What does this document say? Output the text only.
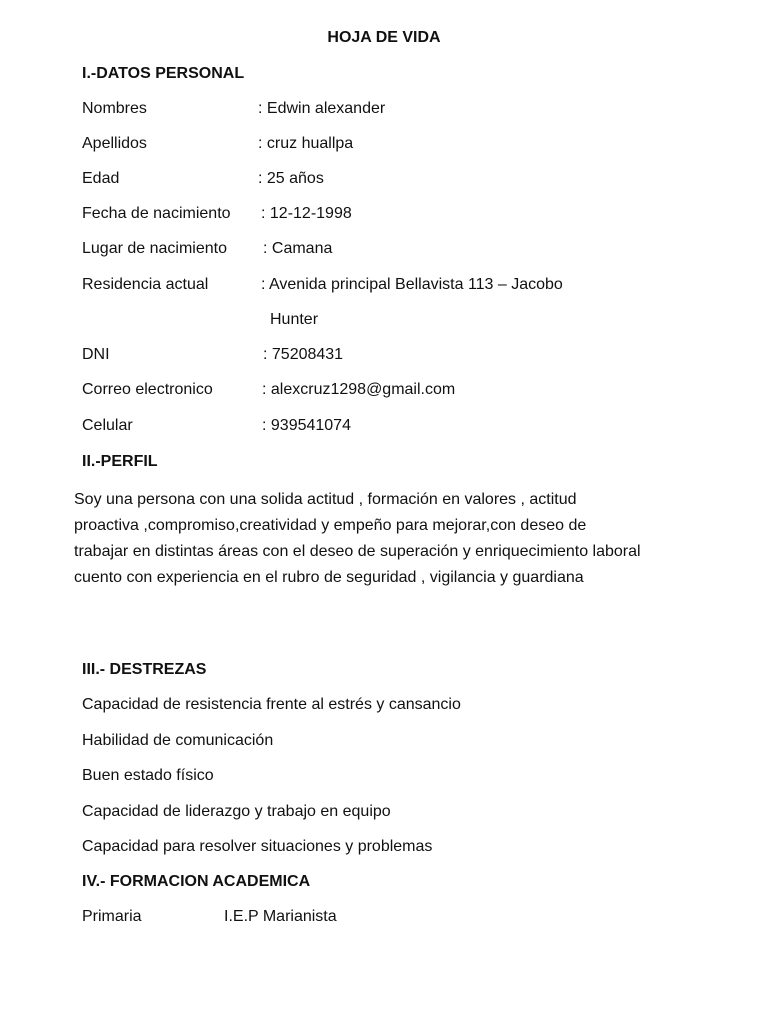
HOJA DE VIDA
I.-DATOS PERSONAL
Nombres	: Edwin alexander
Apellidos	: cruz huallpa
Edad	: 25 años
Fecha de nacimiento : 12-12-1998
Lugar de nacimiento : Camana
Residencia actual	: Avenida principal Bellavista 113 – Jacobo
Hunter
DNI	: 75208431
Correo electronico	: alexcruz1298@gmail.com
Celular	: 939541074
II.-PERFIL
Soy una persona con una solida actitud , formación en valores , actitud proactiva ,compromiso,creatividad y empeño para mejorar,con deseo de trabajar en distintas áreas con el deseo de superación y enriquecimiento laboral cuento con experiencia en el rubro de seguridad , vigilancia y guardiana
III.- DESTREZAS
Capacidad de resistencia frente al estrés y cansancio
Habilidad de comunicación
Buen estado físico
Capacidad de liderazgo y trabajo en equipo
Capacidad para resolver situaciones y problemas
IV.- FORMACION ACADEMICA
Primaria	I.E.P Marianista
